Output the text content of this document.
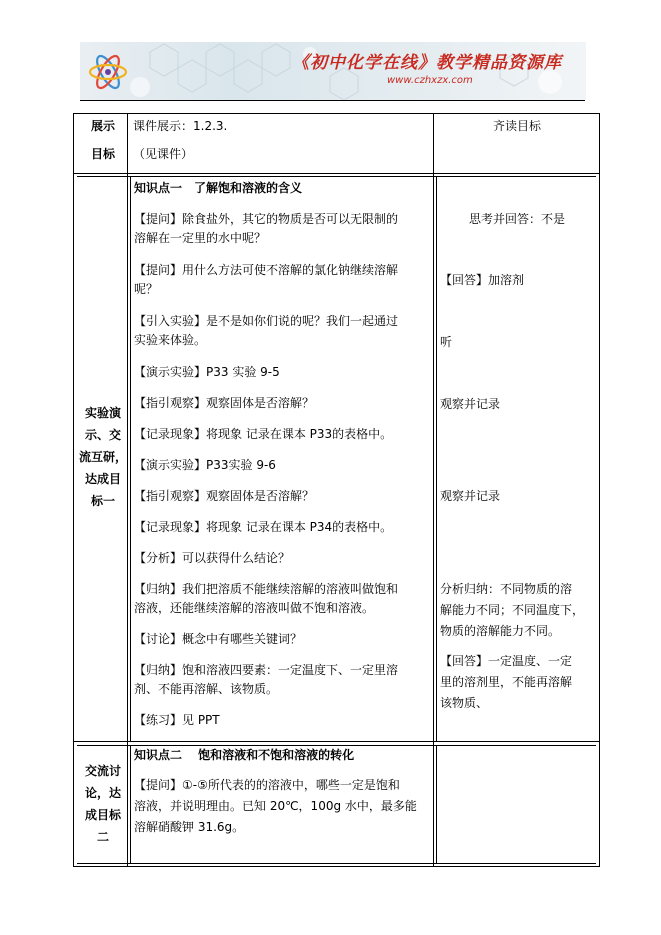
《初中化学在线》教学精品资源库
www.czhxzx.com
展示
目标
课件展示：1.2.3.
（见课件）
齐读目标
实验演
示、交
流互研，
达成目
标一
知识点一　了解饱和溶液的含义
【提问】除食盐外，其它的物质是否可以无限制的
溶解在一定里的水中呢？
【提问】用什么方法可使不溶解的氯化钠继续溶解
呢？
【引入实验】是不是如你们说的呢？我们一起通过
实验来体验。
【演示实验】P33 实验 9-5
【指引观察】观察固体是否溶解？
【记录现象】将现象 记录在课本 P33的表格中。
【演示实验】P33实验 9-6
【指引观察】观察固体是否溶解？
【记录现象】将现象 记录在课本 P34的表格中。
【分析】可以获得什么结论？
【归纳】我们把溶质不能继续溶解的溶液叫做饱和
溶液，还能继续溶解的溶液叫做不饱和溶液。
【讨论】概念中有哪些关键词？
【归纳】饱和溶液四要素：一定温度下、一定里溶
剂、不能再溶解、该物质。
【练习】见 PPT
思考并回答：不是
【回答】加溶剂
听
观察并记录
观察并记录
分析归纳：不同物质的溶
解能力不同；不同温度下，
物质的溶解能力不同。
【回答】一定温度、一定
里的溶剂里，不能再溶解
该物质、
交流讨
论，达
成目标
二
知识点二　 饱和溶液和不饱和溶液的转化
【提问】①-⑤所代表的的溶液中，哪些一定是饱和
溶液，并说明理由。已知 20℃，100g 水中，最多能
溶解硝酸钾 31.6g。
